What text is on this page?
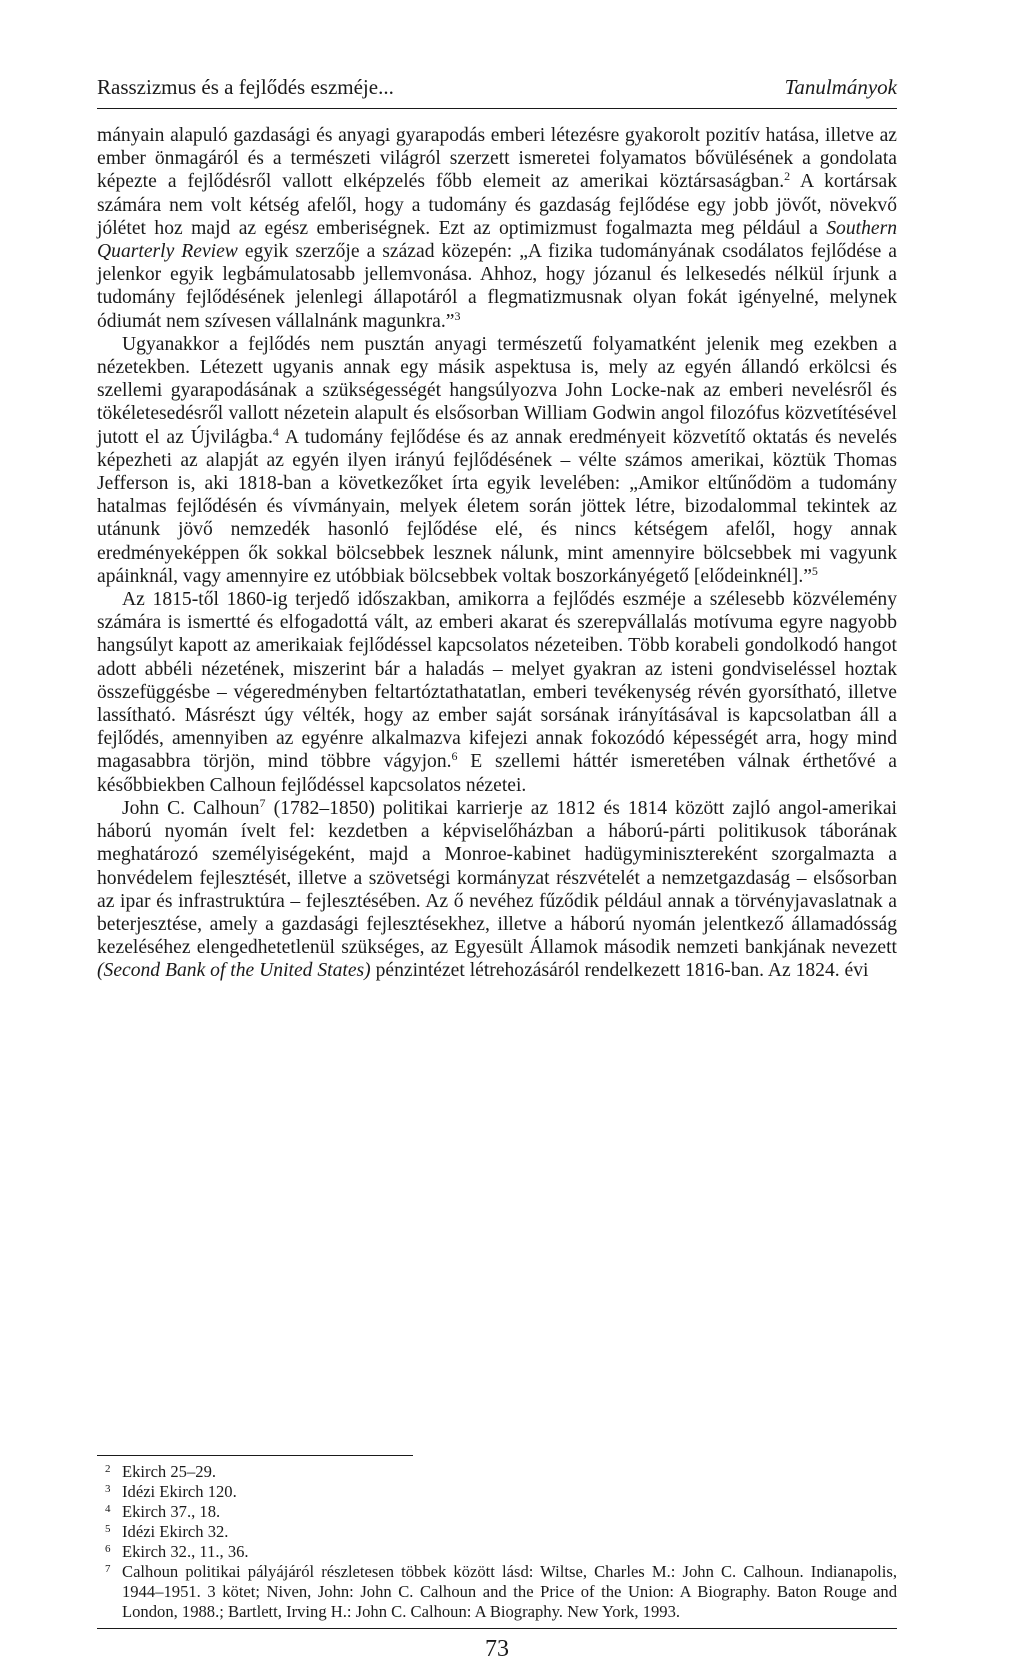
Rasszizmus és a fejlődés eszméje...	Tanulmányok

mányain alapuló gazdasági és anyagi gyarapodás emberi létezésre gyakorolt pozitív hatása, illetve az ember önmagáról és a természeti világról szerzett ismeretei folyamatos bővülésének a gondolata képezte a fejlődésről vallott elképzelés főbb elemeit az amerikai köztársaságban.$^2$ A kortársak számára nem volt kétség afelől, hogy a tudomány és gazdaság fejlődése egy jobb jövőt, növekvő jólétet hoz majd az egész emberiségnek. Ezt az optimizmust fogalmazta meg például a Southern Quarterly Review egyik szerzője a század közepén: „A fizika tudományának csodálatos fejlődése a jelenkor egyik legbámulatosabb jellemvonása. Ahhoz, hogy józanul és lelkesedés nélkül írjunk a tudomány fejlődésének jelenlegi állapotáról a flegmatizmusnak olyan fokát igényelné, melynek ódiumát nem szívesen vállalnánk magunkra.”$^3$

Ugyanakkor a fejlődés nem pusztán anyagi természetű folyamatként jelenik meg ezekben a nézetekben. Létezett ugyanis annak egy másik aspektusa is, mely az egyén állandó erkölcsi és szellemi gyarapodásának a szükségességét hangsúlyozva John Locke-nak az emberi nevelésről és tökéletesedésről vallott nézetein alapult és elsősorban William Godwin angol filozófus közvetítésével jutott el az Újvilágba.$^4$ A tudomány fejlődése és az annak eredményeit közvetítő oktatás és nevelés képezheti az alapját az egyén ilyen irányú fejlődésének – vélte számos amerikai, köztük Thomas Jefferson is, aki 1818-ban a következőket írta egyik levelében: „Amikor eltűnődöm a tudomány hatalmas fejlődésén és vívmányain, melyek életem során jöttek létre, bizodalommal tekintek az utánunk jövő nemzedék hasonló fejlődése elé, és nincs kétségem afelől, hogy annak eredményeképpen ők sokkal bölcsebbek lesznek nálunk, mint amennyire bölcsebbek mi vagyunk apáinknál, vagy amennyire ez utóbbiak bölcsebbek voltak boszorkányégető [elődeinknél].”$^5$

Az 1815-től 1860-ig terjedő időszakban, amikorra a fejlődés eszméje a szélesebb közvélemény számára is ismertté és elfogadottá vált, az emberi akarat és szerepvállalás motívuma egyre nagyobb hangsúlyt kapott az amerikaiak fejlődéssel kapcsolatos nézeteiben. Több korabeli gondolkodó hangot adott abbéli nézetének, miszerint bár a haladás – melyet gyakran az isteni gondviseléssel hoztak összefüggésbe – végeredményben feltartóztathatatlan, emberi tevékenység révén gyorsítható, illetve lassítható. Másrészt úgy vélték, hogy az ember saját sorsának irányításával is kapcsolatban áll a fejlődés, amennyiben az egyénre alkalmazva kifejezi annak fokozódó képességét arra, hogy mind magasabbra törjön, mind többre vágyjon.$^6$ E szellemi háttér ismeretében válnak érthetővé a későbbiekben Calhoun fejlődéssel kapcsolatos nézetei.

John C. Calhoun$^7$ (1782–1850) politikai karrierje az 1812 és 1814 között zajló angol-amerikai háború nyomán ívelt fel: kezdetben a képviselőházban a háború-párti politikusok táborának meghatározó személyiségeként, majd a Monroe-kabinet hadügyminisztereként szorgalmazta a honvédelem fejlesztését, illetve a szövetségi kormányzat részvételét a nemzetgazdaság – elsősorban az ipar és infrastruktúra – fejlesztésében. Az ő nevéhez fűződik például annak a törvényjavaslatnak a beterjesztése, amely a gazdasági fejlesztésekhez, illetve a háború nyomán jelentkező államadósság kezeléséhez elengedhetetlenül szükséges, az Egyesült Államok második nemzeti bankjának nevezett (Second Bank of the United States) pénzintézet létrehozásáról rendelkezett 1816-ban. Az 1824. évi

2 Ekirch 25–29.

3 Idézi Ekirch 120.

4 Ekirch 37., 18.

5 Idézi Ekirch 32.

6 Ekirch 32., 11., 36.

7 Calhoun politikai pályájáról részletesen többek között lásd: Wiltse, Charles M.: John C. Calhoun. Indianapolis, 1944–1951. 3 kötet; Niven, John: John C. Calhoun and the Price of the Union: A Biography. Baton Rouge and London, 1988.; Bartlett, Irving H.: John C. Calhoun: A Biography. New York, 1993.

73
